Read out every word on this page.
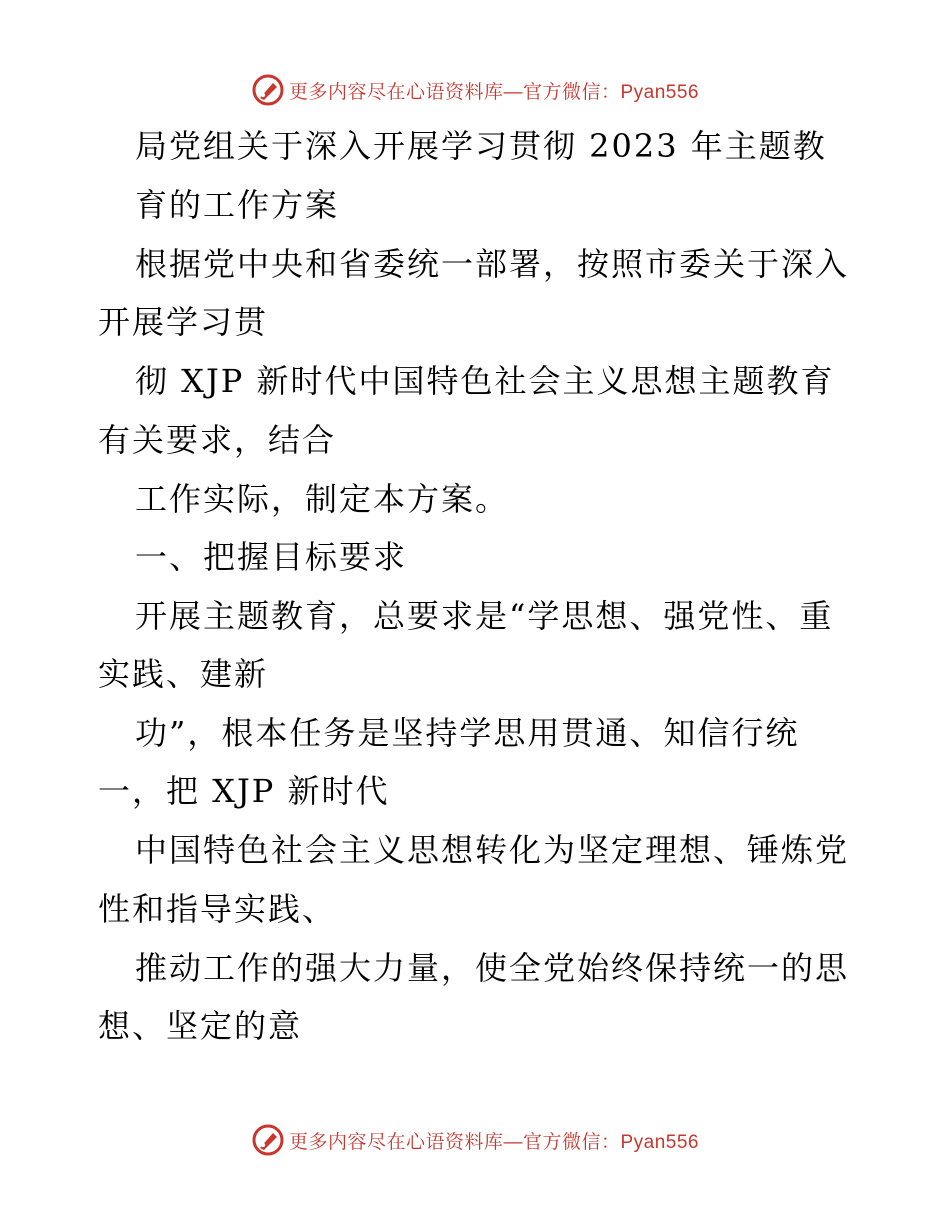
更多内容尽在心语资料库—官方微信：Pyan556
局党组关于深入开展学习贯彻 2023 年主题教
育的工作方案
根据党中央和省委统一部署，按照市委关于深入
开展学习贯
彻 XJP 新时代中国特色社会主义思想主题教育
有关要求，结合
工作实际，制定本方案。
一、把握目标要求
开展主题教育，总要求是“学思想、强党性、重
实践、建新
功”，根本任务是坚持学思用贯通、知信行统
一，把 XJP 新时代
中国特色社会主义思想转化为坚定理想、锤炼党
性和指导实践、
推动工作的强大力量，使全党始终保持统一的思
想、坚定的意
更多内容尽在心语资料库—官方微信：Pyan556
